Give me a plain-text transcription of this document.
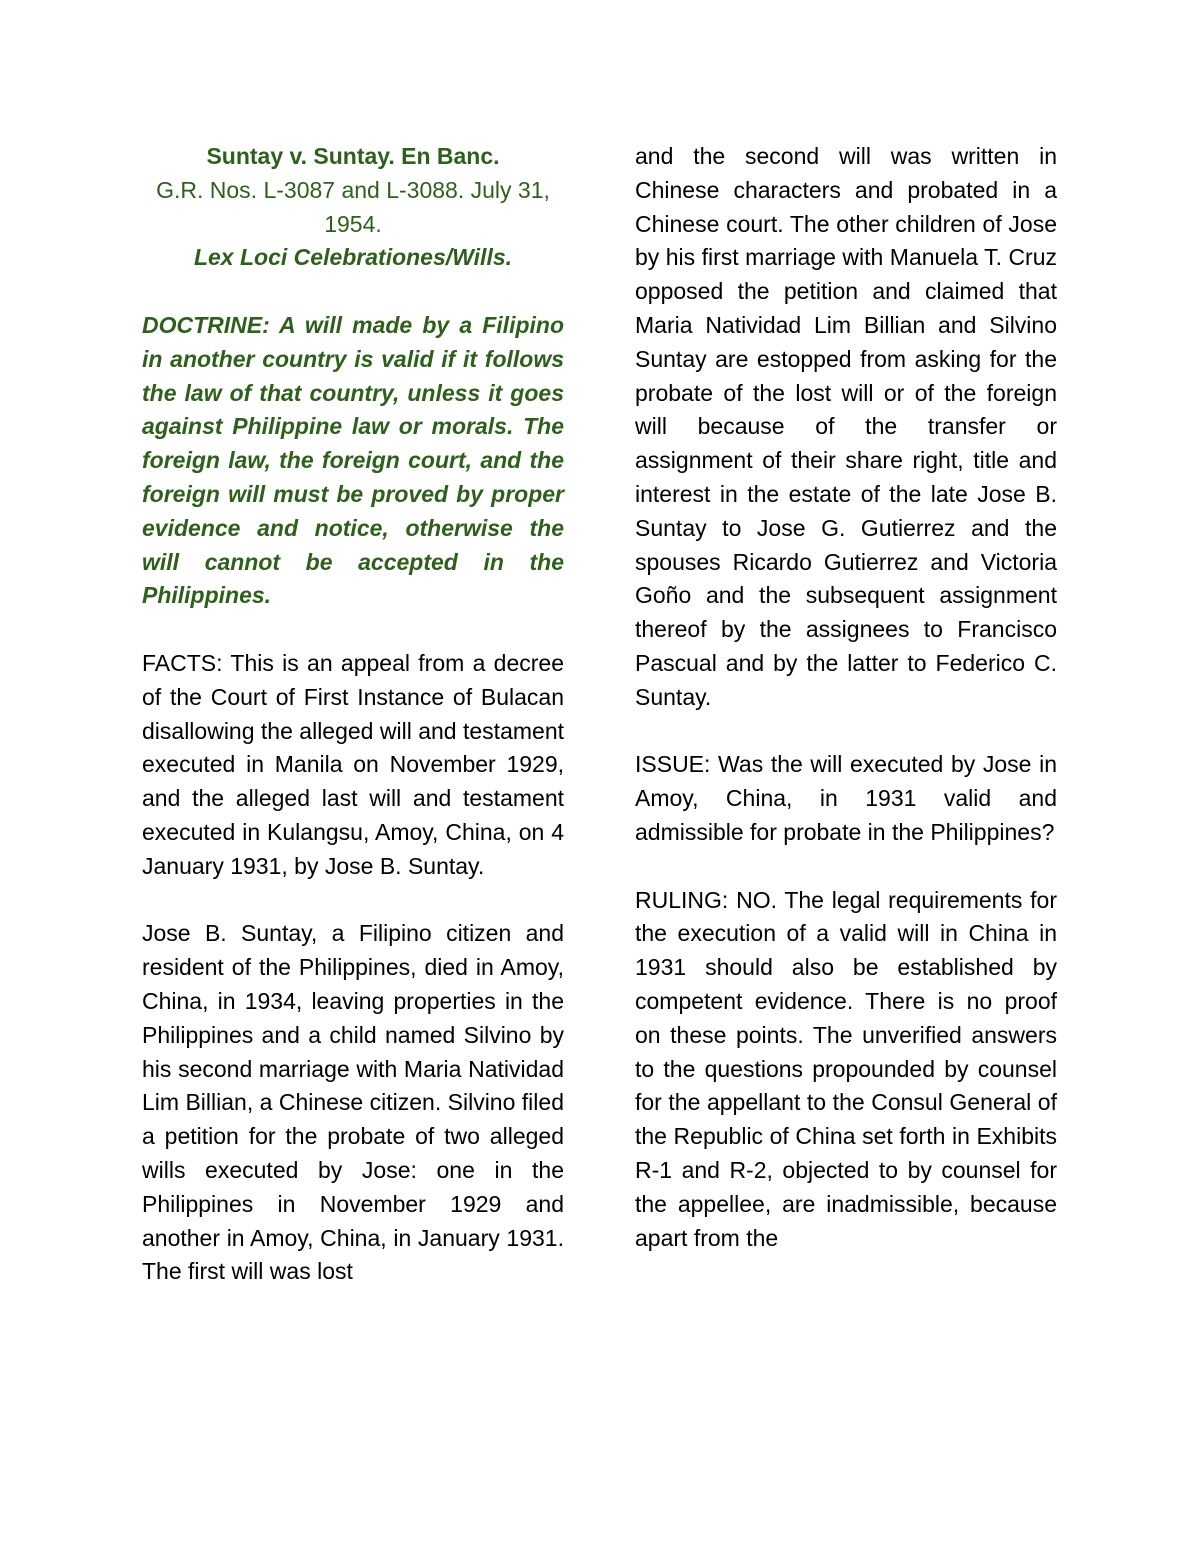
Suntay v. Suntay. En Banc.
G.R. Nos. L-3087 and L-3088. July 31, 1954.
Lex Loci Celebrationes/Wills.

DOCTRINE: A will made by a Filipino in another country is valid if it follows the law of that country, unless it goes against Philippine law or morals. The foreign law, the foreign court, and the foreign will must be proved by proper evidence and notice, otherwise the will cannot be accepted in the Philippines.

FACTS: This is an appeal from a decree of the Court of First Instance of Bulacan disallowing the alleged will and testament executed in Manila on November 1929, and the alleged last will and testament executed in Kulangsu, Amoy, China, on 4 January 1931, by Jose B. Suntay.

Jose B. Suntay, a Filipino citizen and resident of the Philippines, died in Amoy, China, in 1934, leaving properties in the Philippines and a child named Silvino by his second marriage with Maria Natividad Lim Billian, a Chinese citizen. Silvino filed a petition for the probate of two alleged wills executed by Jose: one in the Philippines in November 1929 and another in Amoy, China, in January 1931. The first will was lost

and the second will was written in Chinese characters and probated in a Chinese court. The other children of Jose by his first marriage with Manuela T. Cruz opposed the petition and claimed that Maria Natividad Lim Billian and Silvino Suntay are estopped from asking for the probate of the lost will or of the foreign will because of the transfer or assignment of their share right, title and interest in the estate of the late Jose B. Suntay to Jose G. Gutierrez and the spouses Ricardo Gutierrez and Victoria Goño and the subsequent assignment thereof by the assignees to Francisco Pascual and by the latter to Federico C. Suntay.

ISSUE: Was the will executed by Jose in Amoy, China, in 1931 valid and admissible for probate in the Philippines?

RULING: NO. The legal requirements for the execution of a valid will in China in 1931 should also be established by competent evidence. There is no proof on these points. The unverified answers to the questions propounded by counsel for the appellant to the Consul General of the Republic of China set forth in Exhibits R-1 and R-2, objected to by counsel for the appellee, are inadmissible, because apart from the
